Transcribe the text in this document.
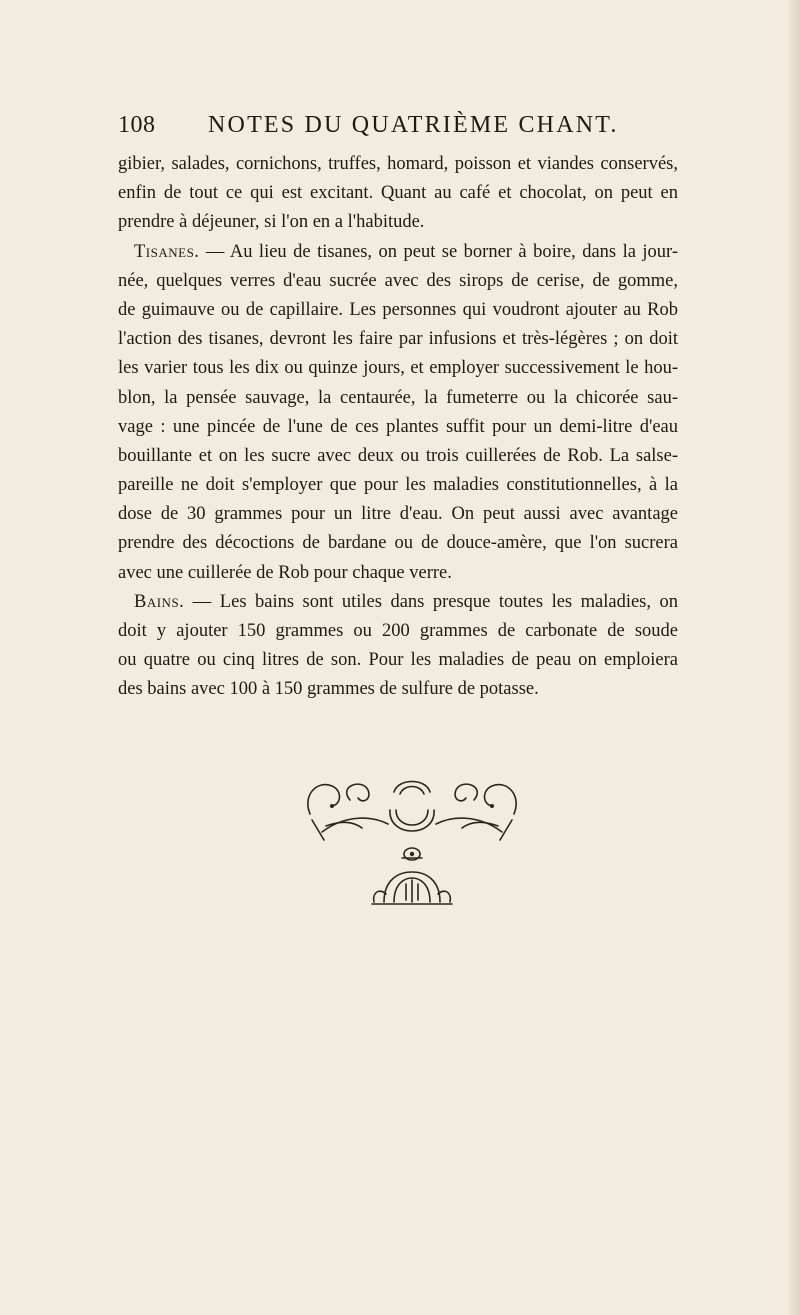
108 NOTES DU QUATRIÈME CHANT.
gibier, salades, cornichons, truffes, homard, poisson et viandes conservés,
enfin de tout ce qui est excitant. Quant au café et chocolat, on peut en
prendre à déjeuner, si l'on en a l'habitude.
Tisanes. — Au lieu de tisanes, on peut se borner à boire, dans la jour-
née, quelques verres d'eau sucrée avec des sirops de cerise, de gomme,
de guimauve ou de capillaire. Les personnes qui voudront ajouter au Rob
l'action des tisanes, devront les faire par infusions et très-légères ; on doit
les varier tous les dix ou quinze jours, et employer successivement le hou-
blon, la pensée sauvage, la centaurée, la fumeterre ou la chicorée sau-
vage : une pincée de l'une de ces plantes suffit pour un demi-litre d'eau
bouillante et on les sucre avec deux ou trois cuillerées de Rob. La salse-
pareille ne doit s'employer que pour les maladies constitutionnelles, à la
dose de 30 grammes pour un litre d'eau. On peut aussi avec avantage
prendre des décoctions de bardane ou de douce-amère, que l'on sucrera
avec une cuillerée de Rob pour chaque verre.
Bains. — Les bains sont utiles dans presque toutes les maladies, on
doit y ajouter 150 grammes ou 200 grammes de carbonate de soude
ou quatre ou cinq litres de son. Pour les maladies de peau on emploiera
des bains avec 100 à 150 grammes de sulfure de potasse.
